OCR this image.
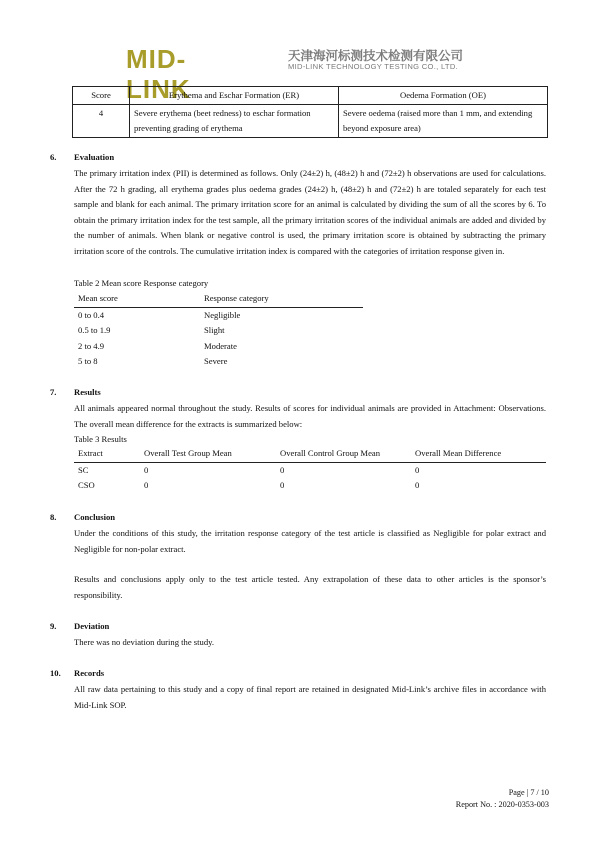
MID-LINK
天津海河标测技术检测有限公司
MID-LINK TECHNOLOGY TESTING CO., LTD.
Score	Erythema and Eschar Formation (ER)	Oedema Formation (OE)
4	Severe erythema (beet redness) to eschar formation preventing grading of erythema	Severe oedema (raised more than 1 mm, and extending beyond exposure area)
6. Evaluation
The primary irritation index (PII) is determined as follows. Only (24±2) h, (48±2) h and (72±2) h observations are used for calculations. After the 72 h grading, all erythema grades plus oedema grades (24±2) h, (48±2) h and (72±2) h are totaled separately for each test sample and blank for each animal. The primary irritation score for an animal is calculated by dividing the sum of all the scores by 6. To obtain the primary irritation index for the test sample, all the primary irritation scores of the individual animals are added and divided by the number of animals. When blank or negative control is used, the primary irritation score is obtained by subtracting the primary irritation score of the controls. The cumulative irritation index is compared with the categories of irritation response given in.
Table 2 Mean score Response category
Mean score	Response category
0 to 0.4	Negligible
0.5 to 1.9	Slight
2 to 4.9	Moderate
5 to 8	Severe
7. Results
All animals appeared normal throughout the study. Results of scores for individual animals are provided in Attachment: Observations. The overall mean difference for the extracts is summarized below:
Table 3 Results
Extract	Overall Test Group Mean	Overall Control Group Mean	Overall Mean Difference
SC	0	0	0
CSO	0	0	0
8. Conclusion
Under the conditions of this study, the irritation response category of the test article is classified as Negligible for polar extract and Negligible for non-polar extract.
Results and conclusions apply only to the test article tested. Any extrapolation of these data to other articles is the sponsor’s responsibility.
9. Deviation
There was no deviation during the study.
10. Records
All raw data pertaining to this study and a copy of final report are retained in designated Mid-Link’s archive files in accordance with Mid-Link SOP.
Page | 7 / 10
Report No. : 2020-0353-003
